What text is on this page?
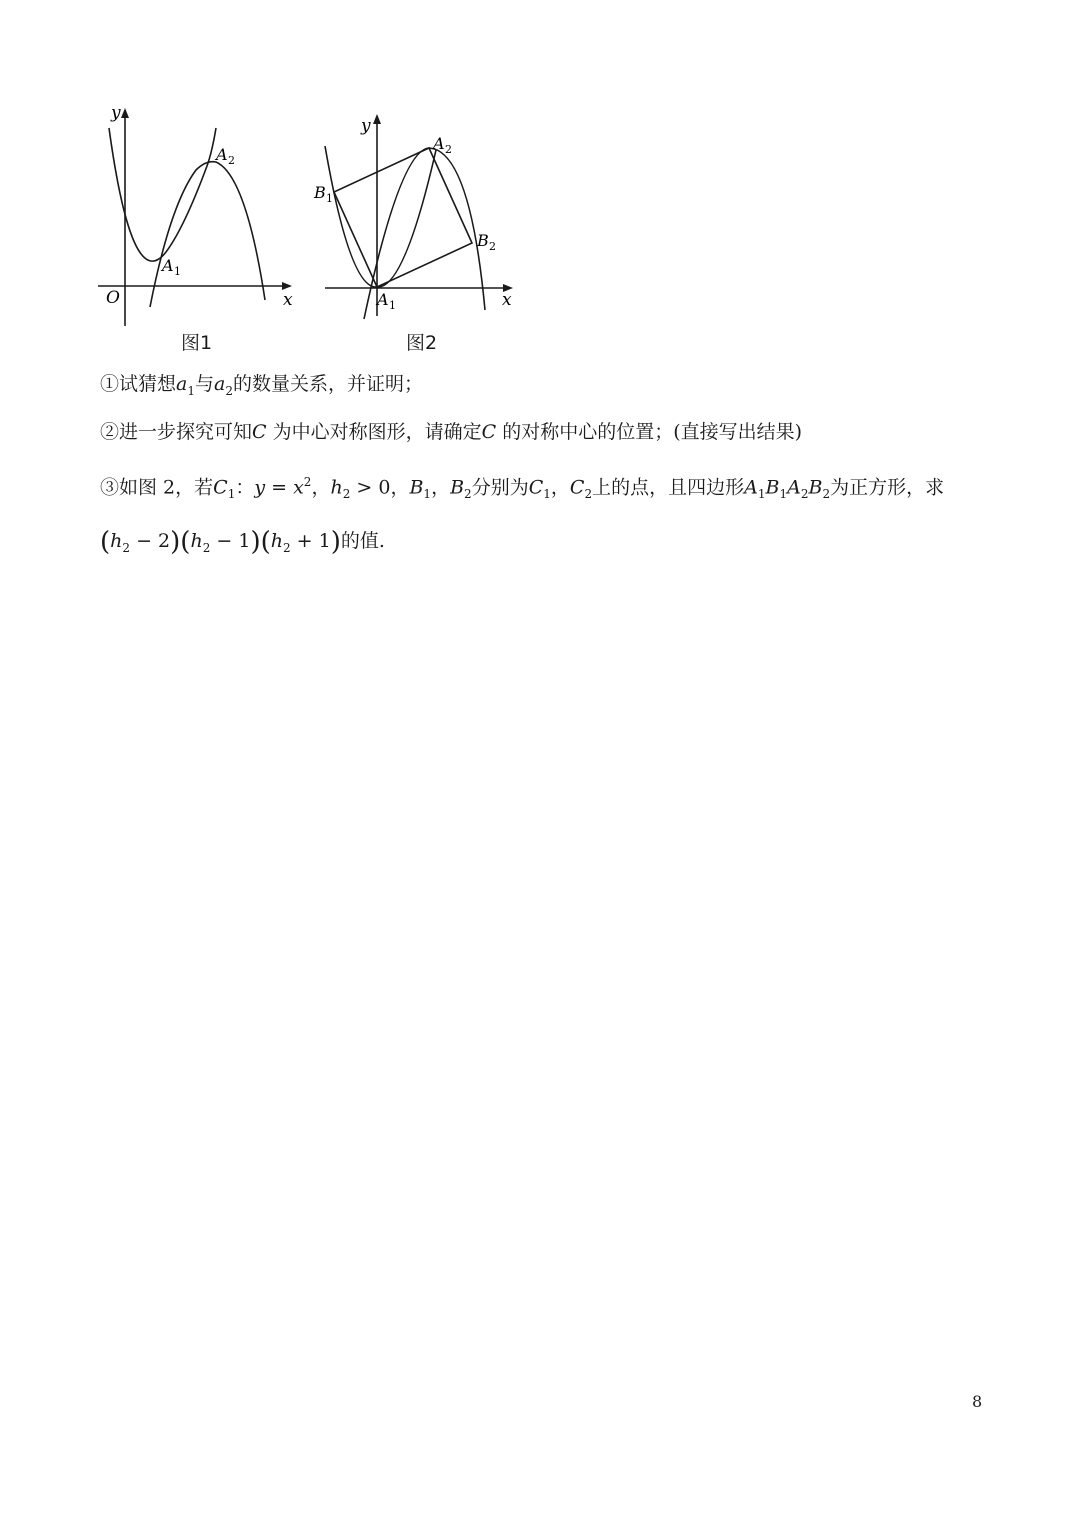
y
x
O
A 1
A 2
y
x
A 1
A 2
B 1
B 2
图1	图2
①试猜想$a_1$与$a_2$的数量关系，并证明；
②进一步探究可知C 为中心对称图形，请确定C 的对称中心的位置；(直接写出结果)
③如图 2，若$C_1$：$y = x^2$，$h_2 > 0$，$B_1$，$B_2$分别为$C_1$，$C_2$上的点，且四边形$A_1B_1A_2B_2$为正方形，求
$(h_2 - 2)(h_2 - 1)(h_2 + 1)$的值.
8
